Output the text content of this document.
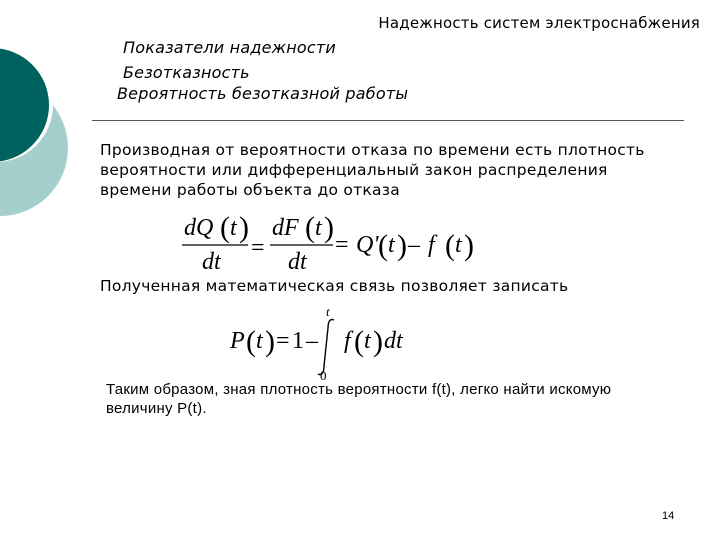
Надежность систем электроснабжения
Показатели надежности
Безотказность
Вероятность безотказной работы
Производная от вероятности отказа по времени есть плотность вероятности или дифференциальный закон распределения времени работы объекта до отказа
dQ ( t )
dt
=
dF ( t )
dt
= Q' ( t ) – f ( t )
Полученная математическая связь позволяет записать
P ( t ) = 1 –
t
0
f ( t ) dt
Таким образом, зная плотность вероятности f(t), легко найти искомую величину P(t).
14
